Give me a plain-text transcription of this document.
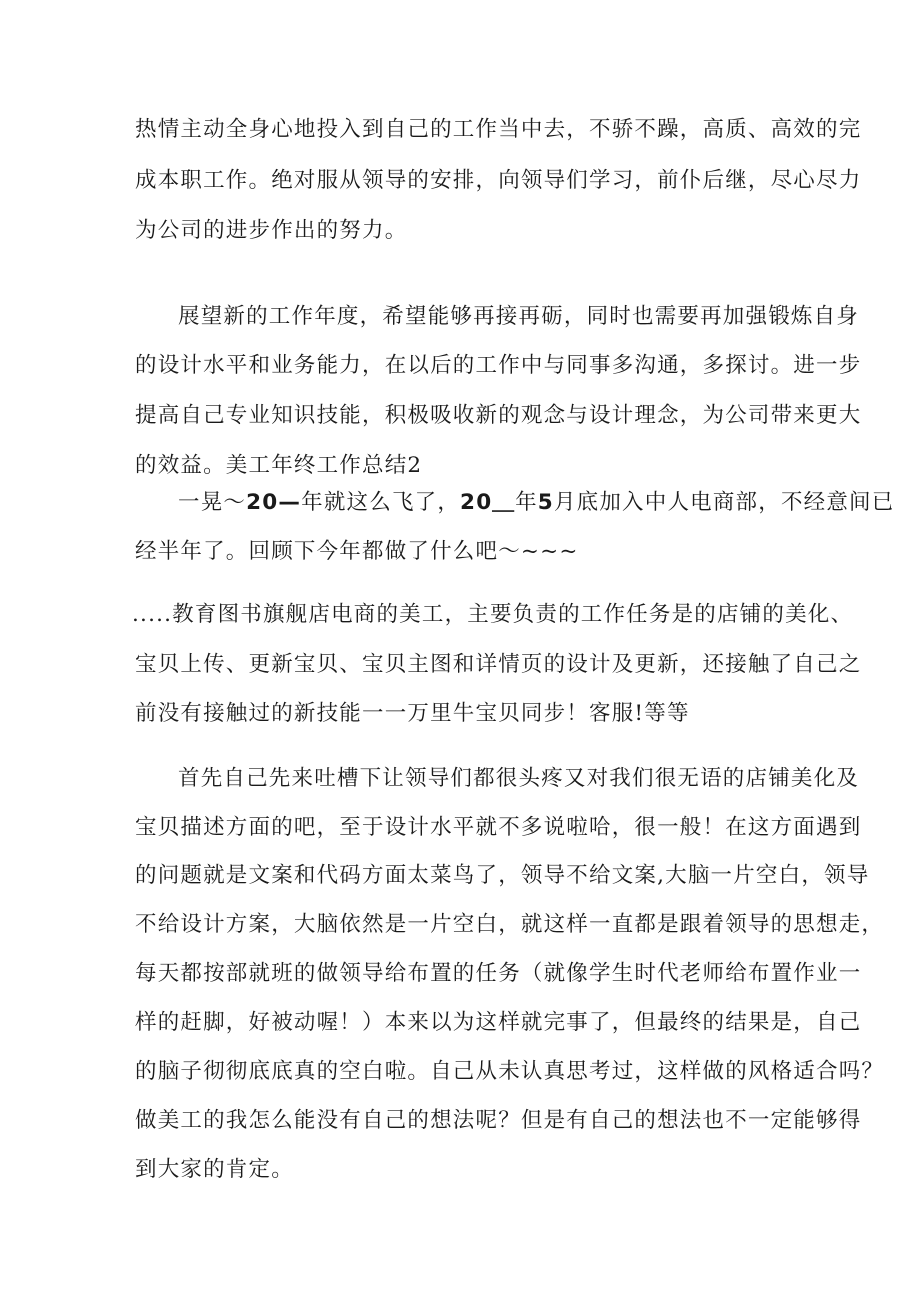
热情主动全身心地投入到自己的工作当中去，不骄不躁，高质、高效的完
成本职工作。绝对服从领导的安排，向领导们学习，前仆后继，尽心尽力
为公司的进步作出的努力。
展望新的工作年度，希望能够再接再砺，同时也需要再加强锻炼自身
的设计水平和业务能力，在以后的工作中与同事多沟通，多探讨。进一步
提高自己专业知识技能，积极吸收新的观念与设计理念，为公司带来更大
的效益。美工年终工作总结2
一晃～20—年就这么飞了，20＿年5月底加入中人电商部，不经意间已
经半年了。回顾下今年都做了什么吧～~~~
.....教育图书旗舰店电商的美工，主要负责的工作任务是的店铺的美化、
宝贝上传、更新宝贝、宝贝主图和详情页的设计及更新，还接触了自己之
前没有接触过的新技能一一万里牛宝贝同步！客服!等等
首先自己先来吐槽下让领导们都很头疼又对我们很无语的店铺美化及
宝贝描述方面的吧，至于设计水平就不多说啦哈，很一般！在这方面遇到
的问题就是文案和代码方面太菜鸟了，领导不给文案,大脑一片空白，领导
不给设计方案，大脑依然是一片空白，就这样一直都是跟着领导的思想走，
每天都按部就班的做领导给布置的任务（就像学生时代老师给布置作业一
样的赶脚，好被动喔！）本来以为这样就完事了，但最终的结果是，自己
的脑子彻彻底底真的空白啦。自己从未认真思考过，这样做的风格适合吗？
做美工的我怎么能没有自己的想法呢？但是有自己的想法也不一定能够得
到大家的肯定。
